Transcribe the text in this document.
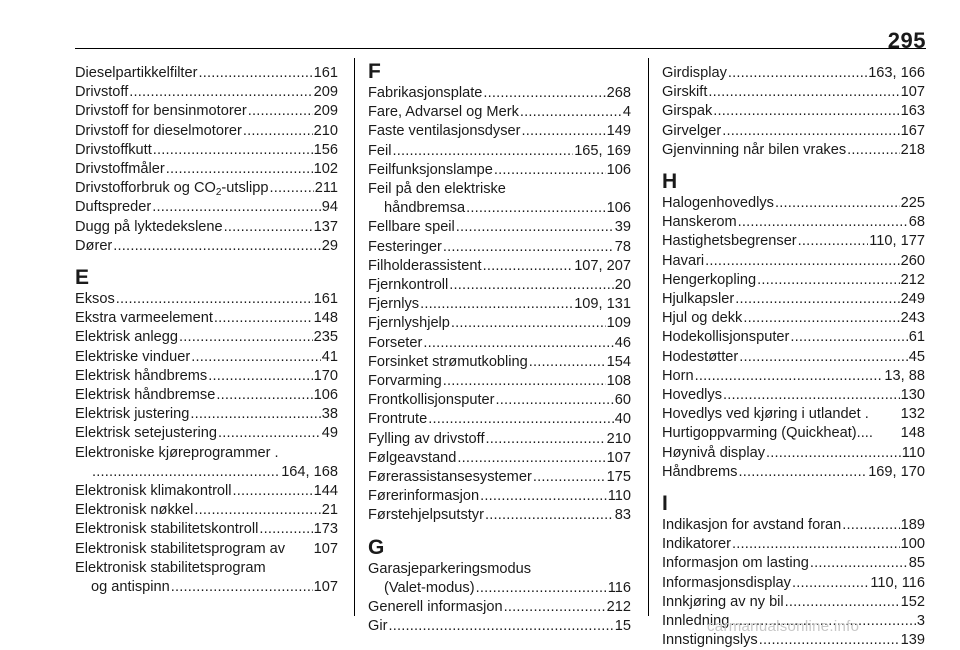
295
Dieselpartikkelfilter .....	161
Drivstoff .....	209
Drivstoff for bensinmotorer .....	209
Drivstoff for dieselmotorer .....	210
Drivstoffkutt .....	156
Drivstoffmåler .....	102
Drivstofforbruk og $CO_2$-utslipp .....	211
Duftspreder .....	94
Dugg på lyktedekslene .....	137
Dører .....	29
E
Eksos .....	161
Ekstra varmeelement .....	148
Elektrisk anlegg .....	235
Elektriske vinduer .....	41
Elektrisk håndbrems .....	170
Elektrisk håndbremse .....	106
Elektrisk justering .....	38
Elektrisk setejustering .....	49
Elektroniske kjøreprogrammer .
.....
164, 168
Elektronisk klimakontroll .....	144
Elektronisk nøkkel .....	21
Elektronisk stabilitetskontroll .....	173
Elektronisk stabilitetsprogram av 107
Elektronisk stabilitetsprogram
og antispinn .....	107
F
Fabrikasjonsplate .....	268
Fare, Advarsel og Merk .....	4
Faste ventilasjonsdyser .....	149
Feil .....	165, 169
Feilfunksjonslampe .....	106
Feil på den elektriske
håndbremsa .....	106
Fellbare speil .....	39
Festeringer .....	78
Filholderassistent .....	107, 207
Fjernkontroll .....	20
Fjernlys .....	109, 131
Fjernlyshjelp .....	109
Forseter .....	46
Forsinket strømutkobling .....	154
Forvarming .....	108
Frontkollisjonsputer .....	60
Frontrute .....	40
Fylling av drivstoff .....	210
Følgeavstand .....	107
Førerassistansesystemer .....	175
Førerinformasjon .....	110
Førstehjelpsutstyr .....	83
G
Garasjeparkeringsmodus
(Valet-modus) .....	116
Generell informasjon .....	212
Gir .....	15
Girdisplay .....	163, 166
Girskift .....	107
Girspak .....	163
Girvelger .....	167
Gjenvinning når bilen vrakes .....	218
H
Halogenhovedlys .....	225
Hanskerom .....	68
Hastighetsbegrenser .....	110, 177
Havari .....	260
Hengerkopling .....	212
Hjulkapsler .....	249
Hjul og dekk .....	243
Hodekollisjonsputer .....	61
Hodestøtter .....	45
Horn .....	13, 88
Hovedlys .....	130
Hovedlys ved kjøring i utlandet . 132
Hurtigoppvarming (Quickheat).... 148
Høynivå display .....	110
Håndbrems .....	169, 170
I
Indikasjon for avstand foran .....	189
Indikatorer .....	100
Informasjon om lasting .....	85
Informasjonsdisplay .....	110, 116
Innkjøring av ny bil .....	152
Innledning .....	3
Innstigningslys .....	139
carmanualsonline.info
